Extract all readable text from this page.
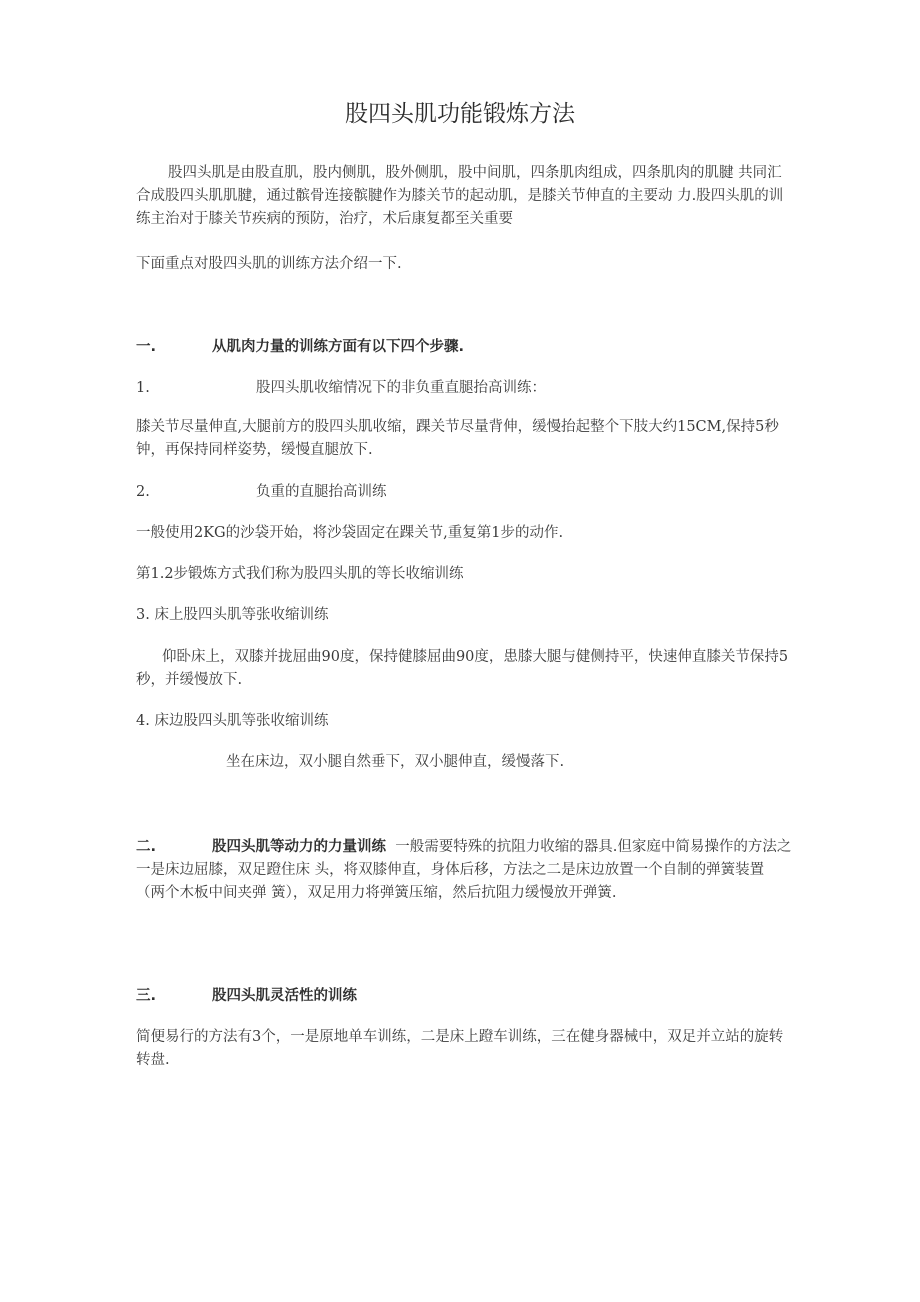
股四头肌功能锻炼方法

股四头肌是由股直肌，股内侧肌，股外侧肌，股中间肌，四条肌肉组成，四条肌肉的肌腱 共同汇合成股四头肌肌腱，通过髌骨连接髌腱作为膝关节的起动肌，是膝关节伸直的主要动 力.股四头肌的训练主治对于膝关节疾病的预防，治疗，术后康复都至关重要

下面重点对股四头肌的训练方法介绍一下.

一.	从肌肉力量的训练方面有以下四个步骤.

1.	股四头肌收缩情况下的非负重直腿抬高训练：

膝关节尽量伸直,大腿前方的股四头肌收缩，踝关节尽量背伸，缓慢抬起整个下肢大约15CM,保持5秒钟，再保持同样姿势，缓慢直腿放下.

2.	负重的直腿抬高训练

一般使用2KG的沙袋开始，将沙袋固定在踝关节,重复第1步的动作.

第1.2步锻炼方式我们称为股四头肌的等长收缩训练

3. 床上股四头肌等张收缩训练

仰卧床上，双膝并拢屈曲90度，保持健膝屈曲90度，患膝大腿与健侧持平，快速伸直膝关节保持5秒，并缓慢放下.

4. 床边股四头肌等张收缩训练

坐在床边，双小腿自然垂下，双小腿伸直，缓慢落下.

二.	股四头肌等动力的力量训练 一般需要特殊的抗阻力收缩的器具.但家庭中简易操作的方法之一是床边屈膝，双足蹬住床 头，将双膝伸直，身体后移，方法之二是床边放置一个自制的弹簧装置（两个木板中间夹弹 簧），双足用力将弹簧压缩，然后抗阻力缓慢放开弹簧.

三.	股四头肌灵活性的训练

简便易行的方法有3个，一是原地单车训练，二是床上蹬车训练，三在健身器械中，双足并立站的旋转转盘.
